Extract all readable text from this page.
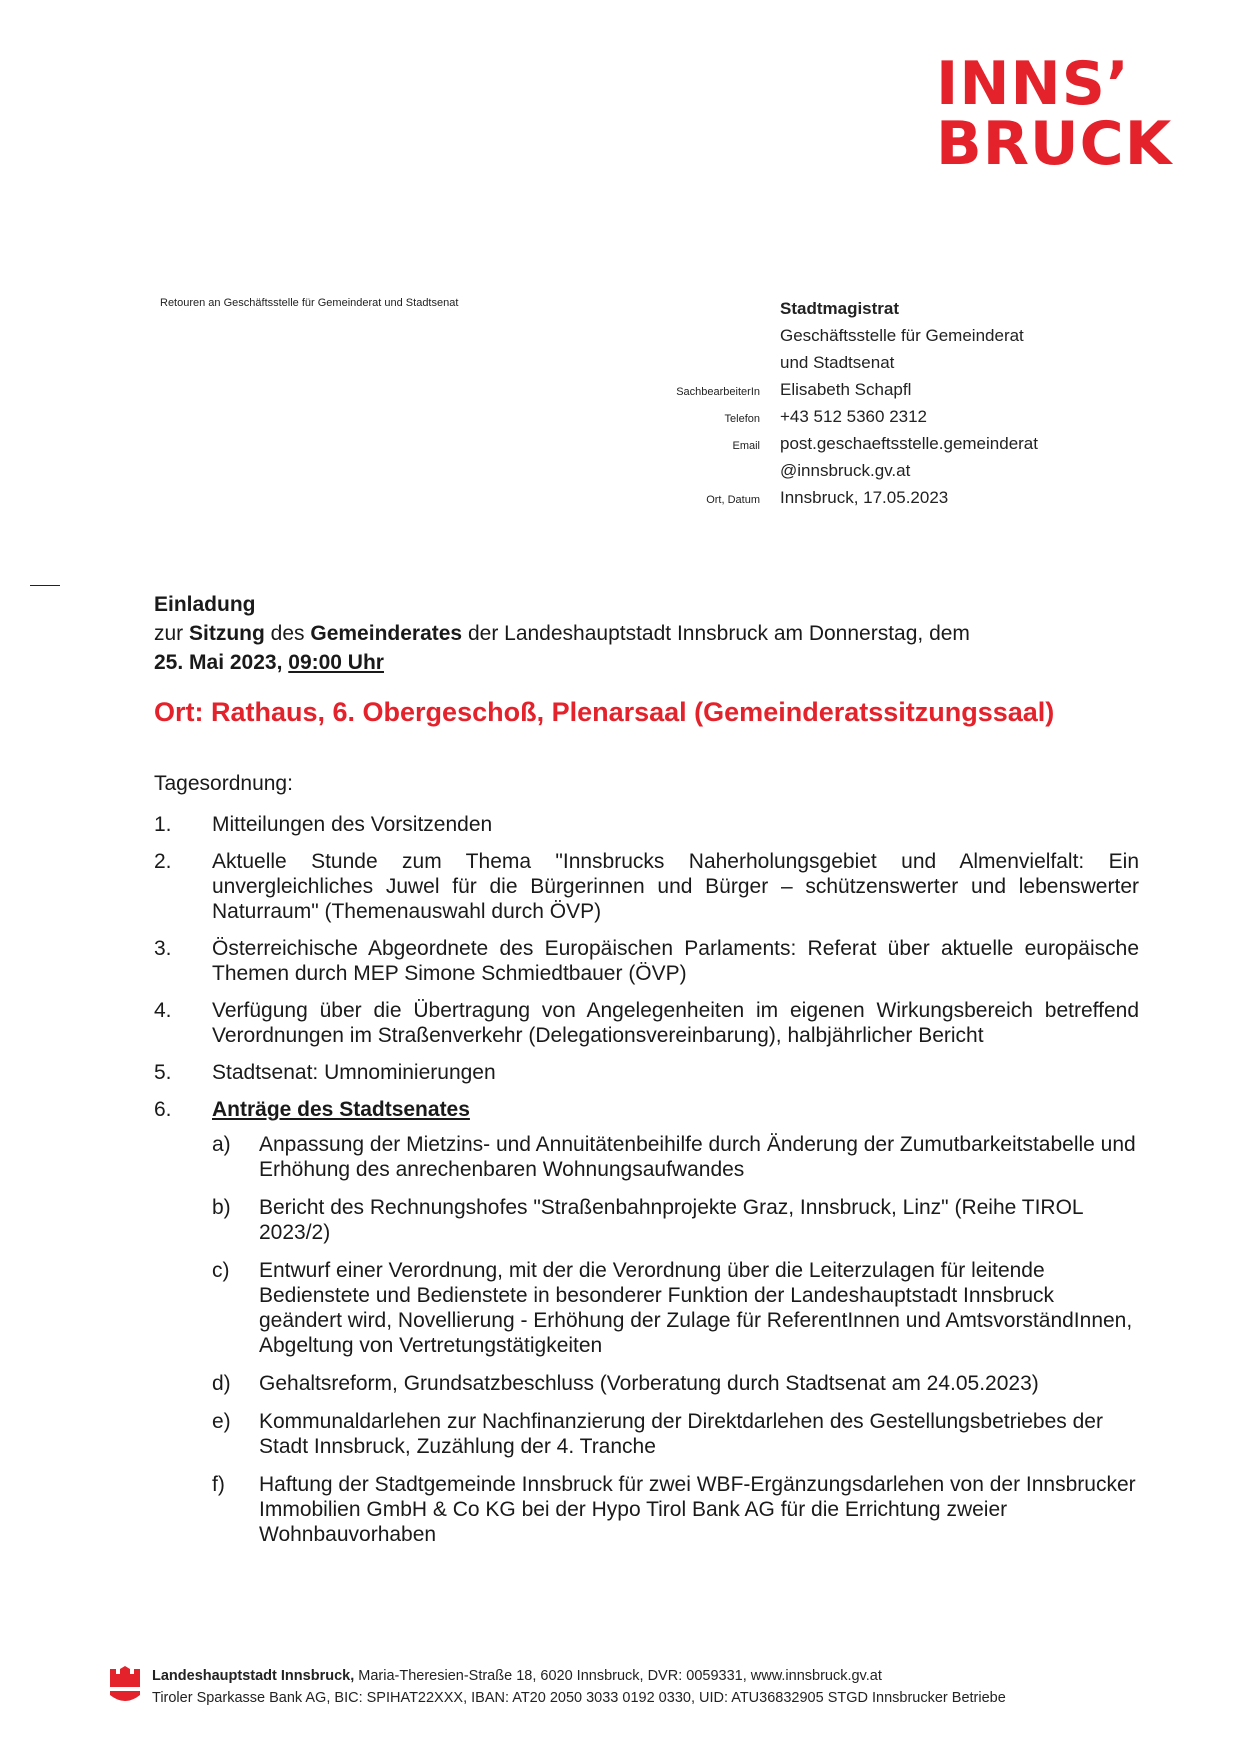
INNS’
BRUCK
Retouren an Geschäftsstelle für Gemeinderat und Stadtsenat	Stadtmagistrat
Geschäftsstelle für Gemeinderat
und Stadtsenat
SachbearbeiterIn	Elisabeth Schapfl
Telefon	+43 512 5360 2312
Email	post.geschaeftsstelle.gemeinderat
@innsbruck.gv.at
Ort, Datum	Innsbruck, 17.05.2023
Einladung
zur Sitzung des Gemeinderates der Landeshauptstadt Innsbruck am Donnerstag, dem
25. Mai 2023, 09:00 Uhr
Ort: Rathaus, 6. Obergeschoß, Plenarsaal (Gemeinderatssitzungssaal)
Tagesordnung:
1.	Mitteilungen des Vorsitzenden
2.	Aktuelle Stunde zum Thema "Innsbrucks Naherholungsgebiet und Almenvielfalt: Ein unvergleichliches Juwel für die Bürgerinnen und Bürger – schützenswerter und lebenswerter Naturraum" (Themenauswahl durch ÖVP)
3.	Österreichische Abgeordnete des Europäischen Parlaments: Referat über aktuelle europäische Themen durch MEP Simone Schmiedtbauer (ÖVP)
4.	Verfügung über die Übertragung von Angelegenheiten im eigenen Wirkungsbereich betreffend Verordnungen im Straßenverkehr (Delegationsvereinbarung), halbjährlicher Bericht
5.	Stadtsenat: Umnominierungen
6.	Anträge des Stadtsenates
a)	Anpassung der Mietzins- und Annuitätenbeihilfe durch Änderung der Zumutbarkeitstabelle und Erhöhung des anrechenbaren Wohnungsaufwandes
b)	Bericht des Rechnungshofes "Straßenbahnprojekte Graz, Innsbruck, Linz" (Reihe TIROL 2023/2)
c)	Entwurf einer Verordnung, mit der die Verordnung über die Leiterzulagen für leitende Bedienstete und Bedienstete in besonderer Funktion der Landeshauptstadt Innsbruck geändert wird, Novellierung - Erhöhung der Zulage für ReferentInnen und AmtsvorständInnen, Abgeltung von Vertretungstätigkeiten
d)	Gehaltsreform, Grundsatzbeschluss (Vorberatung durch Stadtsenat am 24.05.2023)
e)	Kommunaldarlehen zur Nachfinanzierung der Direktdarlehen des Gestellungsbetriebes der Stadt Innsbruck, Zuzählung der 4. Tranche
f)	Haftung der Stadtgemeinde Innsbruck für zwei WBF-Ergänzungsdarlehen von der Innsbrucker Immobilien GmbH & Co KG bei der Hypo Tirol Bank AG für die Errichtung zweier Wohnbauvorhaben
Landeshauptstadt Innsbruck, Maria-Theresien-Straße 18, 6020 Innsbruck, DVR: 0059331, www.innsbruck.gv.at
Tiroler Sparkasse Bank AG, BIC: SPIHAT22XXX, IBAN: AT20 2050 3033 0192 0330, UID: ATU36832905 STGD Innsbrucker Betriebe
